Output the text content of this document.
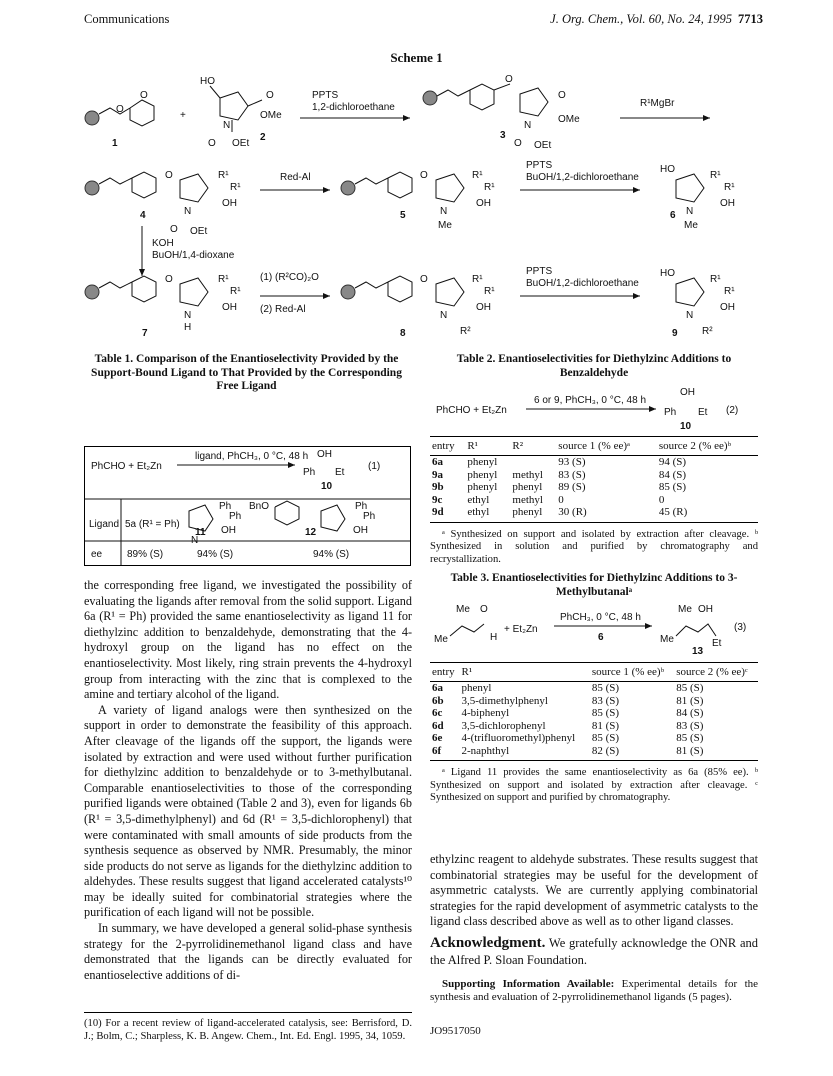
Communications	J. Org. Chem., Vol. 60, No. 24, 1995 7713
Scheme 1
O
O
1
+
HO
O
OMe
N
O OEt
2
PPTS
1,2-dichloroethane
O
O
OMe
N
O OEt
3
R¹MgBr
O	R¹
R¹
OH
N
O OEt
4
Red-Al	O	R¹
R¹
OH
N
Me
5
PPTS
BuOH/1,2-dichloroethane
HO
R¹
R¹
OH
N
Me
6
KOH
BuOH/1,4-dioxane
O	R¹
R¹
OH
N
H
7
(1) (R²CO)₂O
(2) Red-Al
O	R¹
R¹
OH
N
R²
8
PPTS
BuOH/1,2-dichloroethane
HO
R¹
R¹
OH
N
R²
9
Table 1. Comparison of the Enantioselectivity Provided by the Support-Bound Ligand to That Provided by the Corresponding Free Ligand
PhCHO + Et₂Zn
ligand, PhCH₃, 0 °C, 48 h OH
Ph Et
10
(1)
Ligand 5a (R¹ = Ph)
Ph
Ph
OH
N
11
BnO	Ph
Ph
OH
12
ee 89% (S)	94% (S)	94% (S)

the corresponding free ligand, we investigated the possibility of evaluating the ligands after removal from the solid support. Ligand 6a (R¹ = Ph) provided the same enantioselectivity as ligand 11 for diethylzinc addition to benzaldehyde, demonstrating that the 4-hydroxyl group on the ligand has no effect on the enantioselectivity. Most likely, ring strain prevents the 4-hydroxyl group from interacting with the zinc that is complexed to the amine and tertiary alcohol of the ligand.

A variety of ligand analogs were then synthesized on the support in order to demonstrate the feasibility of this approach. After cleavage of the ligands off the support, the ligands were isolated by extraction and were used without further purification for diethylzinc addition to benzaldehyde or to 3-methylbutanal. Comparable enantioselectivities to those of the corresponding purified ligands were obtained (Table 2 and 3), even for ligands 6b (R¹ = 3,5-dimethylphenyl) and 6d (R¹ = 3,5-dichlorophenyl) that were contaminated with small amounts of side products from the synthesis sequence as observed by NMR. Presumably, the minor side products do not serve as ligands for the diethylzinc addition to aldehydes. These results suggest that ligand accelerated catalysts¹⁰ may be ideally suited for combinatorial strategies where the purification of each ligand will not be possible.

In summary, we have developed a general solid-phase synthesis strategy for the 2-pyrrolidinemethanol ligand class and have demonstrated that the ligands can be directly evaluated for enantioselective additions of di-

(10) For a recent review of ligand-accelerated catalysis, see: Berrisford, D. J.; Bolm, C.; Sharpless, K. B. Angew. Chem., Int. Ed. Engl. 1995, 34, 1059.
Table 2. Enantioselectivities for Diethylzinc Additions to Benzaldehyde
PhCHO + Et₂Zn
6 or 9, PhCH₃, 0 °C, 48 h
OH
Ph Et
10
(2)
entry	R¹	R²	source 1 (% ee)ᵃ	source 2 (% ee)ᵇ
6a	phenyl		93 (S)	94 (S)
9a	phenyl	methyl	83 (S)	84 (S)
9b	phenyl	phenyl	89 (S)	85 (S)
9c	ethyl	methyl	0	0
9d	ethyl	phenyl	30 (R)	45 (R)
ᵃ Synthesized on support and isolated by extraction after cleavage. ᵇ Synthesized in solution and purified by chromatography and recrystallization.
Table 3. Enantioselectivities for Diethylzinc Additions to 3-Methylbutanalᵃ
Me O
Me	H
+ Et₂Zn
PhCH₃, 0 °C, 48 h
6
Me OH
Me	Et
13
(3)
entry	R¹	source 1 (% ee)ᵇ	source 2 (% ee)ᶜ
6a	phenyl	85 (S)	85 (S)
6b	3,5-dimethylphenyl	83 (S)	81 (S)
6c	4-biphenyl	85 (S)	84 (S)
6d	3,5-dichlorophenyl	81 (S)	83 (S)
6e	4-(trifluoromethyl)phenyl	85 (S)	85 (S)
6f	2-naphthyl	82 (S)	81 (S)
ᵃ Ligand 11 provides the same enantioselectivity as 6a (85% ee). ᵇ Synthesized on support and isolated by extraction after cleavage. ᶜ Synthesized on support and purified by chromatography.

ethylzinc reagent to aldehyde substrates. These results suggest that combinatorial strategies may be useful for the development of asymmetric catalysts. We are currently applying combinatorial strategies for the rapid development of asymmetric catalysts to the ligand class described above as well as to other ligand classes.

Acknowledgment. We gratefully acknowledge the ONR and the Alfred P. Sloan Foundation.
Supporting Information Available: Experimental details for the synthesis and evaluation of 2-pyrrolidinemethanol ligands (5 pages).
JO9517050
